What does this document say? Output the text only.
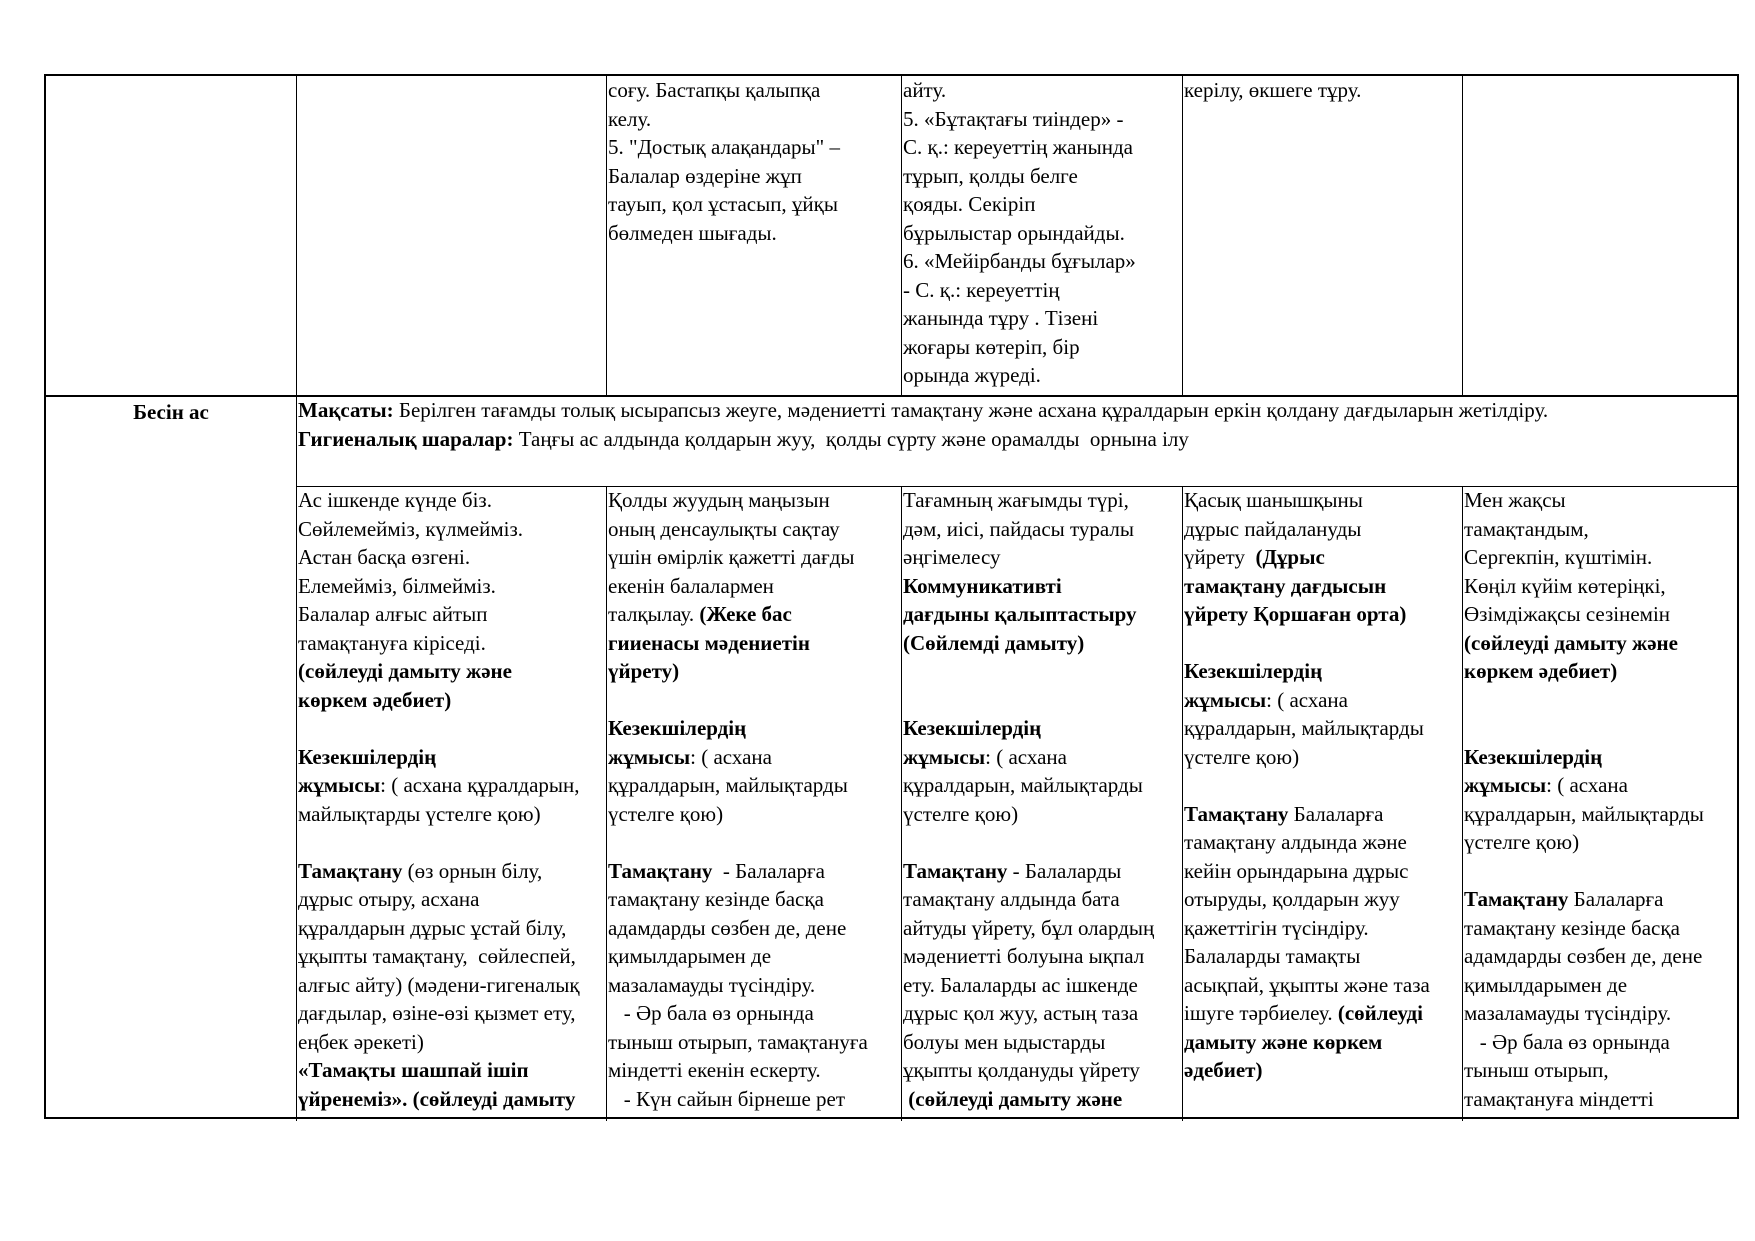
соғу. Бастапқы қалыпқа

келу.

5. "Достық алақандары" –

Балалар өздеріне жұп

тауып, қол ұстасып, ұйқы

бөлмеден шығады.

айту.

5. «Бұтақтағы тиіндер» -

С. қ.: кереуеттің жанында

тұрып, қолды белге

қояды. Секіріп

бұрылыстар орындайды.

6. «Мейірбанды бұғылар»

- С. қ.: кереуеттің

жанында тұру . Тізені

жоғары көтеріп, бір

орында жүреді.

керілу, өкшеге тұру.

Бесін ас	Мақсаты: Берілген тағамды толық ысырапсыз жеуге, мәдениетті тамақтану және асхана құралдарын еркін қолдану дағдыларын жетілдіру.

Гигиеналық шаралар: Таңғы ас алдында қолдарын жуу,  қолды сүрту және орамалды  орнына ілу

Ас ішкенде күнде біз.

Сөйлемейміз, күлмейміз.

Астан басқа өзгені.

Елемейміз, білмейміз.

Балалар алғыс айтып

тамақтануға кіріседі.

(сөйлеуді дамыту және

көркем әдебиет)

Кезекшілердің

жұмысы: ( асхана құралдарын,

майлықтарды үстелге қою)

Тамақтану (өз орнын білу,

дұрыс отыру, асхана

құралдарын дұрыс ұстай білу,

ұқыпты тамақтану,  сөйлеспей,

алғыс айту) (мәдени-гигеналық

дағдылар, өзіне-өзі қызмет ету,

еңбек әрекеті)

«Тамақты шашпай ішіп

үйренеміз». (сөйлеуді дамыту

Қолды жуудың маңызын

оның денсаулықты сақтау

үшін өмірлік қажетті дағды

екенін балалармен

талқылау. (Жеке бас

гииенасы мәдениетін

үйрету)

Кезекшілердің

жұмысы: ( асхана

құралдарын, майлықтарды

үстелге қою)

Тамақтану  - Балаларға

тамақтану кезінде басқа

адамдарды сөзбен де, дене

қимылдарымен де

мазаламауды түсіндіру.

- Әр бала өз орнында

тыныш отырып, тамақтануға

міндетті екенін ескерту.

- Күн сайын бірнеше рет

Тағамның жағымды түрі,

дәм, иісі, пайдасы туралы

әңгімелесу

Коммуникативті

дағдыны қалыптастыру

(Сөйлемді дамыту)

Кезекшілердің

жұмысы: ( асхана

құралдарын, майлықтарды

үстелге қою)

Тамақтану - Балаларды

тамақтану алдында бата

айтуды үйрету, бұл олардың

мәдениетті болуына ықпал

ету. Балаларды ас ішкенде

дұрыс қол жуу, астың таза

болуы мен ыдыстарды

ұқыпты қолдануды үйрету

(сөйлеуді дамыту және

Қасық шанышқыны

дұрыс пайдалануды

үйрету  (Дұрыс

тамақтану дағдысын

үйрету Қоршаған орта)

Кезекшілердің

жұмысы: ( асхана

құралдарын, майлықтарды

үстелге қою)

Тамақтану Балаларға

тамақтану алдында және

кейін орындарына дұрыс

отыруды, қолдарын жуу

қажеттігін түсіндіру.

Балаларды тамақты

асықпай, ұқыпты және таза

ішуге тәрбиелеу. (сөйлеуді

дамыту және көркем

әдебиет)

Мен жақсы

тамақтандым,

Сергекпін, күштімін.

Көңіл күйім көтеріңкі,

Өзімдіжақсы сезінемін

(сөйлеуді дамыту және

көркем әдебиет)

Кезекшілердің

жұмысы: ( асхана

құралдарын, майлықтарды

үстелге қою)

Тамақтану Балаларға

тамақтану кезінде басқа

адамдарды сөзбен де, дене

қимылдарымен де

мазаламауды түсіндіру.

- Әр бала өз орнында

тыныш отырып,

тамақтануға міндетті
